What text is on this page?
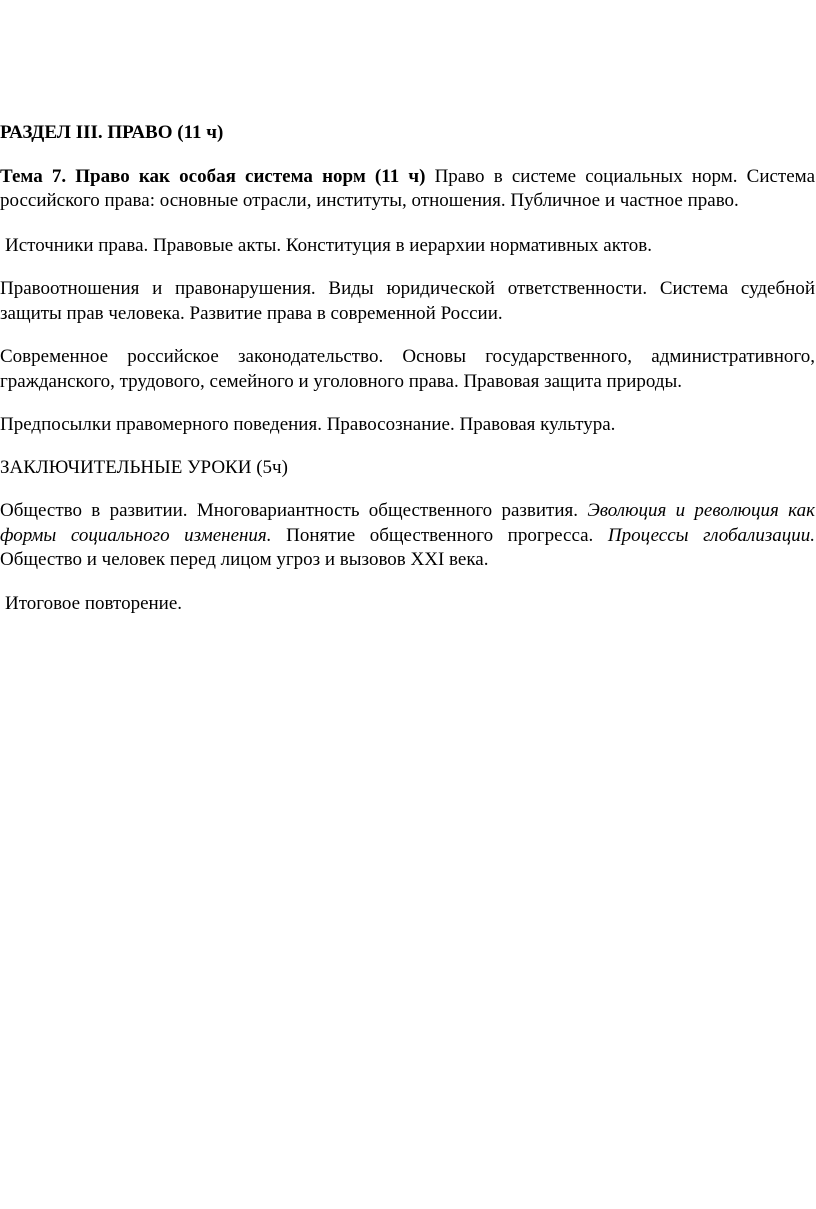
РАЗДЕЛ III. ПРАВО (11 ч)

Тема 7. Право как особая система норм (11 ч) Право в системе социальных норм. Система российского права: основные отрасли, институты, отношения. Публичное и частное право.

Источники права. Правовые акты. Конституция в иерархии нормативных актов.

Правоотношения и правонарушения. Виды юридической ответственности. Система судебной защиты прав человека. Развитие права в современной России.

Современное российское законодательство. Основы государственного, административного, гражданского, трудового, семейного и уголовного права. Правовая защита природы.

Предпосылки правомерного поведения. Правосознание. Правовая культура.

ЗАКЛЮЧИТЕЛЬНЫЕ УРОКИ (5ч)

Общество в развитии. Многовариантность общественного развития. Эволюция и революция как формы социального изменения. Понятие общественного прогресса. Процессы глобализации. Общество и человек перед лицом угроз и вызовов XXI века.

Итоговое повторение.
